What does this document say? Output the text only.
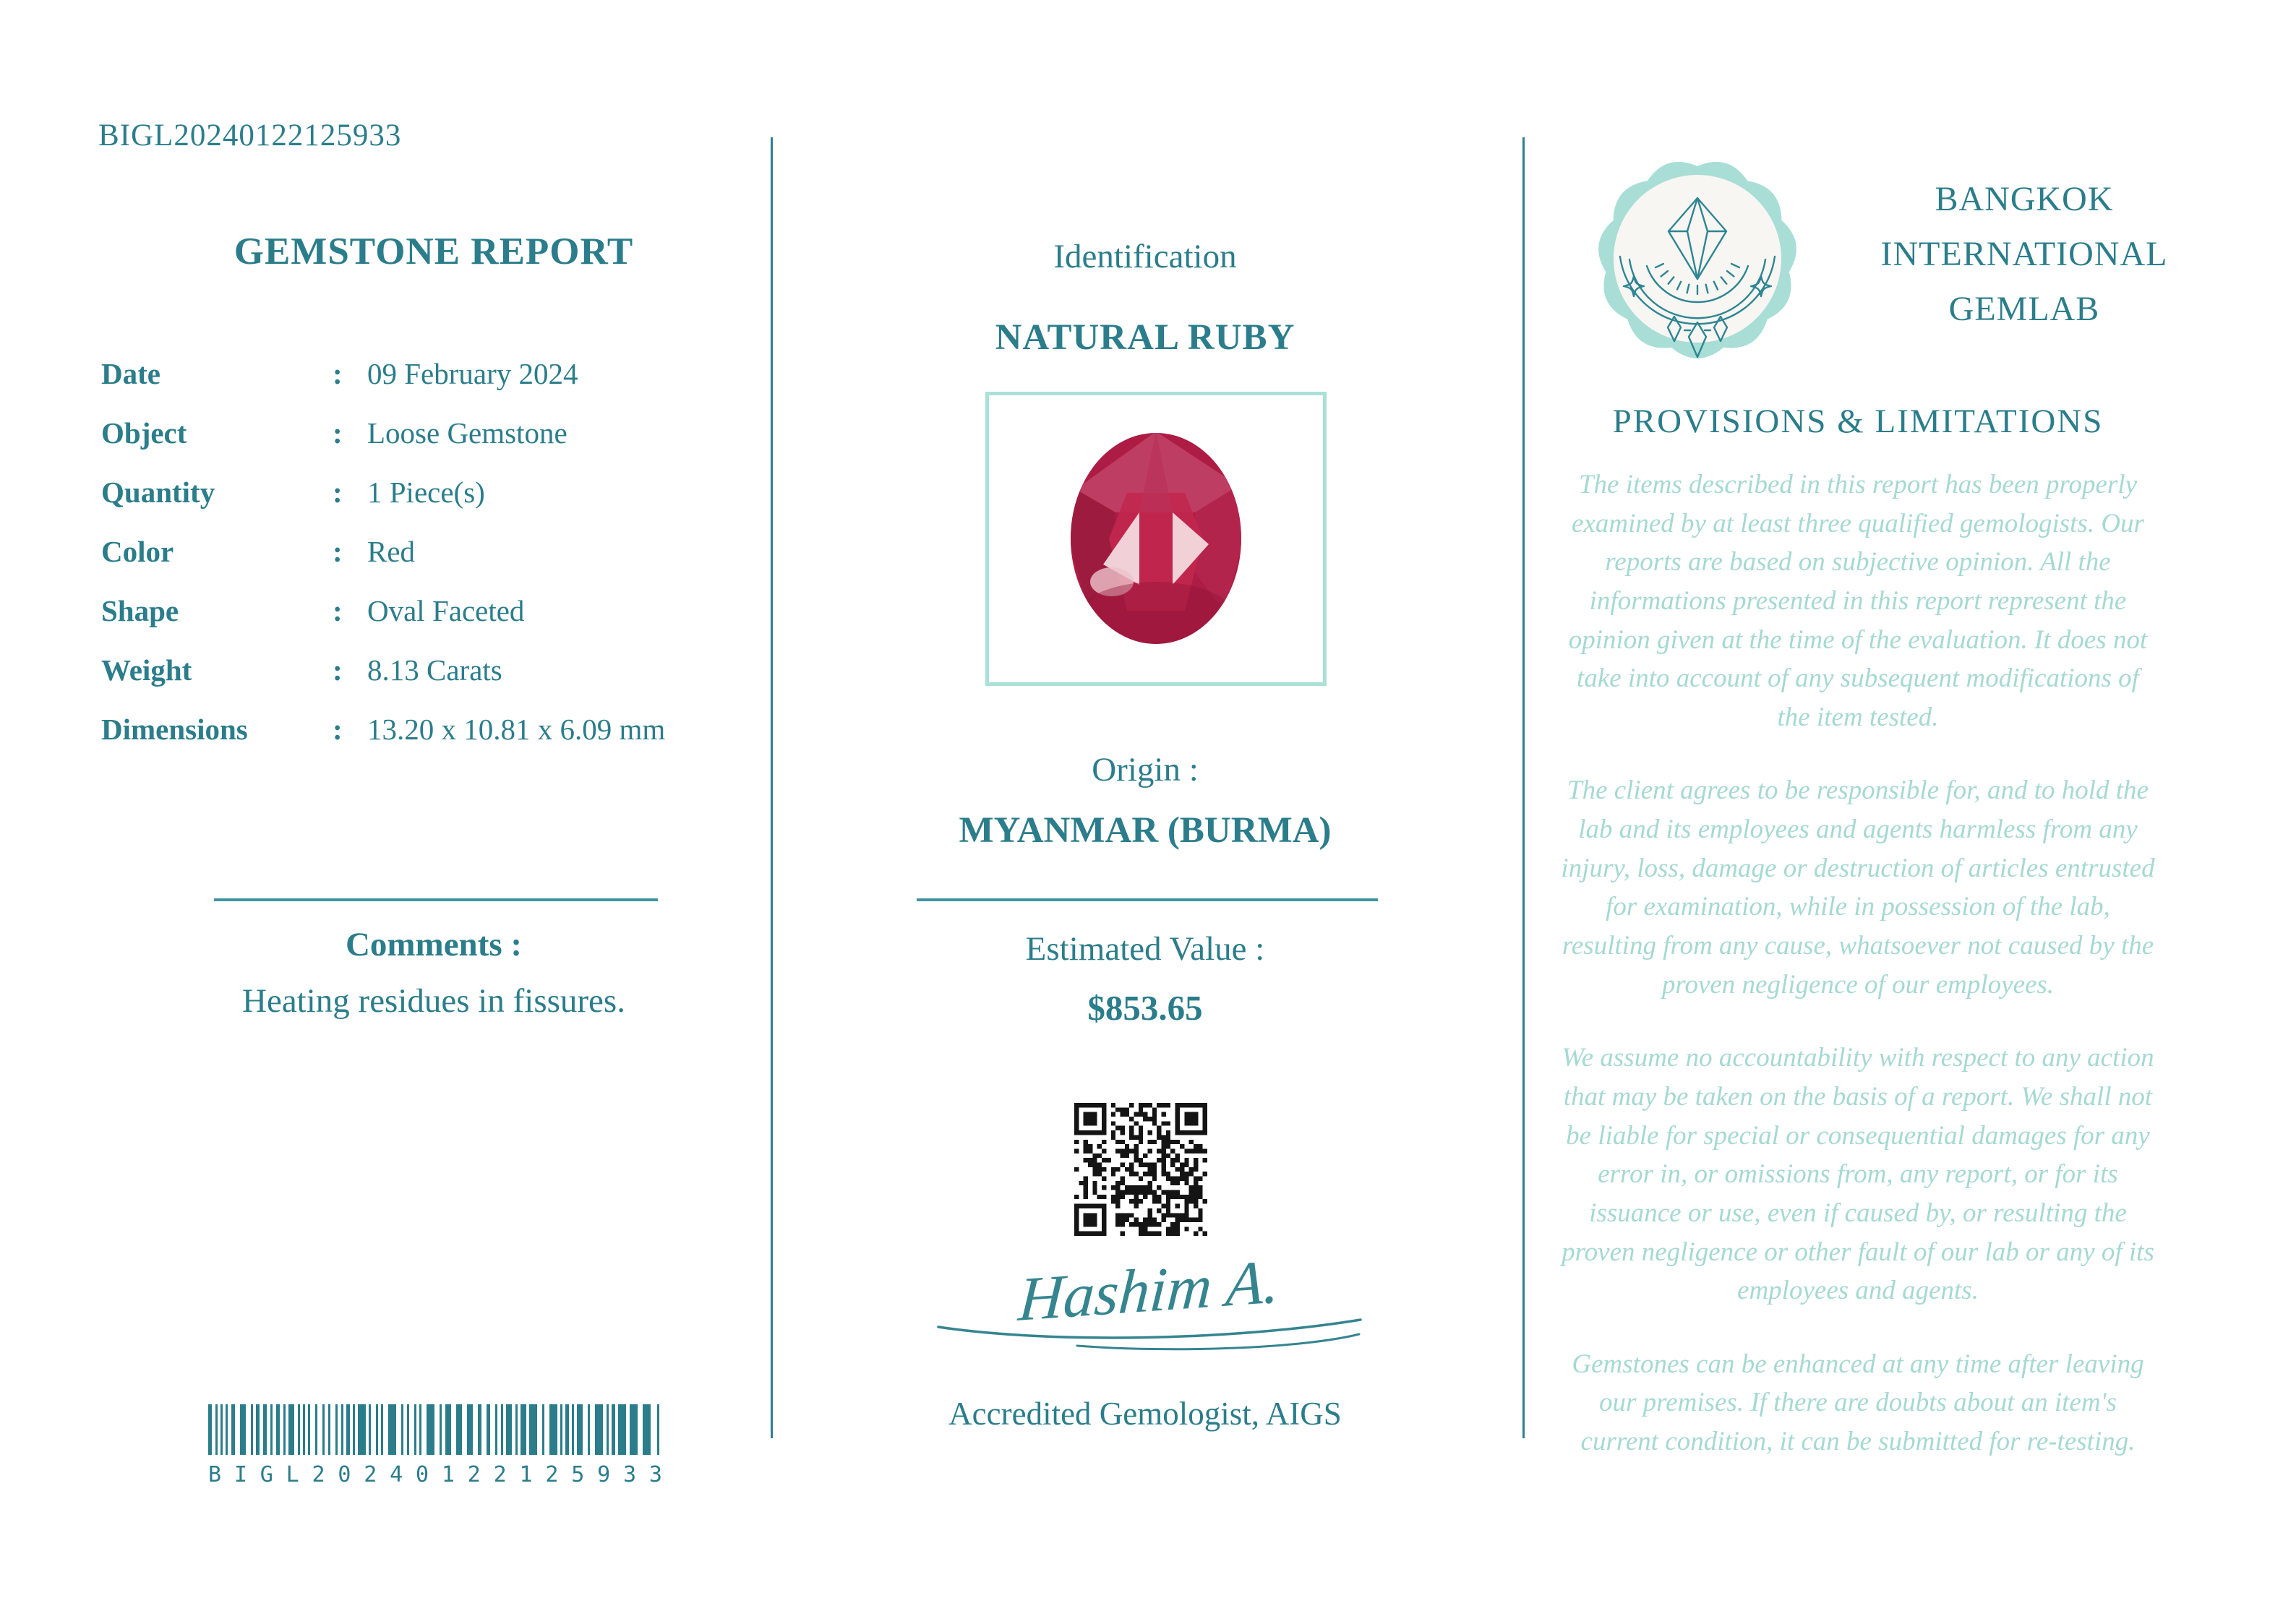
BIGL20240122125933
GEMSTONE REPORT
Date	: 09 February 2024
Object	: Loose Gemstone
Quantity	: 1 Piece(s)
Color	: Red
Shape	: Oval Faceted
Weight	: 8.13 Carats
Dimensions	: 13.20 x 10.81 x 6.09 mm
Comments :
Heating residues in fissures.
B I G L 2 0 2 4 0 1 2 2 1 2 5 9 3 3
Identification
NATURAL RUBY
Origin :
MYANMAR (BURMA)
Estimated Value :
$853.65
Hashim A.
Accredited Gemologist, AIGS
BANGKOK
INTERNATIONAL
GEMLAB
PROVISIONS & LIMITATIONS

The items described in this report has been properly examined by at least three qualified gemologists. Our reports are based on subjective opinion. All the informations presented in this report represent the opinion given at the time of the evaluation. It does not take into account of any subsequent modifications of the item tested.

The client agrees to be responsible for, and to hold the lab and its employees and agents harmless from any injury, loss, damage or destruction of articles entrusted for examination, while in possession of the lab, resulting from any cause, whatsoever not caused by the proven negligence of our employees.

We assume no accountability with respect to any action that may be taken on the basis of a report. We shall not be liable for special or consequential damages for any error in, or omissions from, any report, or for its issuance or use, even if caused by, or resulting the proven negligence or other fault of our lab or any of its employees and agents.

Gemstones can be enhanced at any time after leaving our premises. If there are doubts about an item's current condition, it can be submitted for re-testing.
